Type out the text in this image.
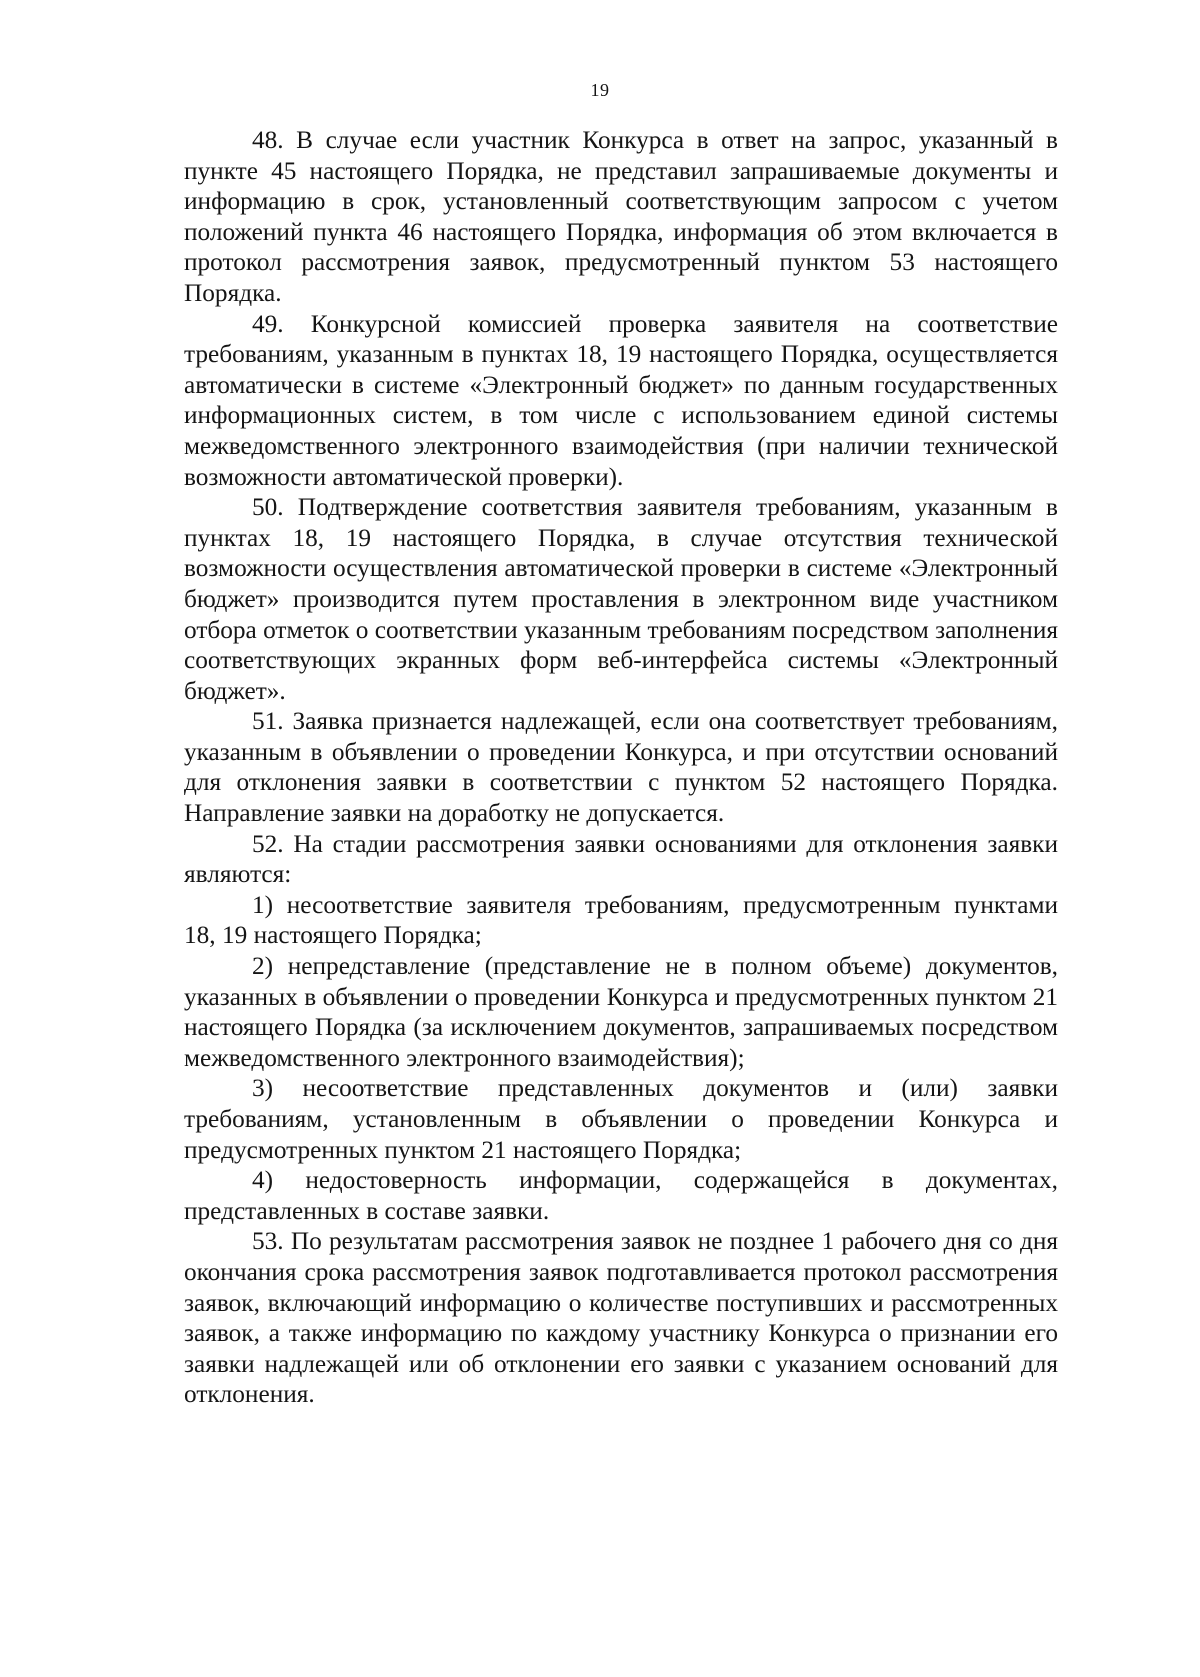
19

48. В случае если участник Конкурса в ответ на запрос, указанный в пункте 45 настоящего Порядка, не представил запрашиваемые документы и информацию в срок, установленный соответствующим запросом с учетом положений пункта 46 настоящего Порядка, информация об этом включается в протокол рассмотрения заявок, предусмотренный пунктом 53 настоящего Порядка.

49. Конкурсной комиссией проверка заявителя на соответствие требованиям, указанным в пунктах 18, 19 настоящего Порядка, осуществляется автоматически в системе «Электронный бюджет» по данным государственных информационных систем, в том числе с использованием единой системы межведомственного электронного взаимодействия (при наличии технической возможности автоматической проверки).

50. Подтверждение соответствия заявителя требованиям, указанным в пунктах 18, 19 настоящего Порядка, в случае отсутствия технической возможности осуществления автоматической проверки в системе «Электронный бюджет» производится путем проставления в электронном виде участником отбора отметок о соответствии указанным требованиям посредством заполнения соответствующих экранных форм веб-интерфейса системы «Электронный бюджет».

51. Заявка признается надлежащей, если она соответствует требованиям, указанным в объявлении о проведении Конкурса, и при отсутствии оснований для отклонения заявки в соответствии с пунктом 52 настоящего Порядка. Направление заявки на доработку не допускается.

52. На стадии рассмотрения заявки основаниями для отклонения заявки являются:

1) несоответствие заявителя требованиям, предусмотренным пунктами 18, 19 настоящего Порядка;

2) непредставление (представление не в полном объеме) документов, указанных в объявлении о проведении Конкурса и предусмотренных пунктом 21 настоящего Порядка (за исключением документов, запрашиваемых посредством межведомственного электронного взаимодействия);

3) несоответствие представленных документов и (или) заявки требованиям, установленным в объявлении о проведении Конкурса и предусмотренных пунктом 21 настоящего Порядка;

4) недостоверность информации, содержащейся в документах, представленных в составе заявки.

53. По результатам рассмотрения заявок не позднее 1 рабочего дня со дня окончания срока рассмотрения заявок подготавливается протокол рассмотрения заявок, включающий информацию о количестве поступивших и рассмотренных заявок, а также информацию по каждому участнику Конкурса о признании его заявки надлежащей или об отклонении его заявки с указанием оснований для отклонения.
